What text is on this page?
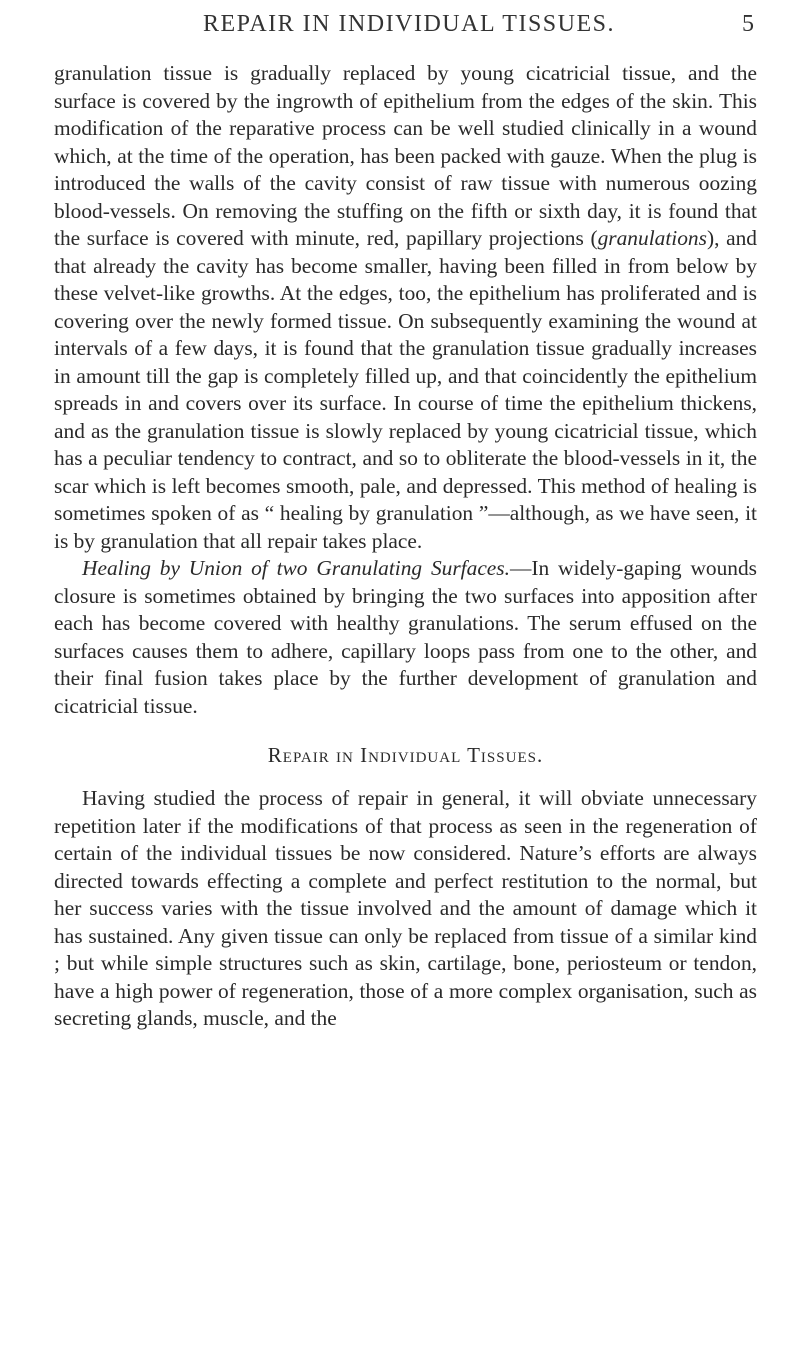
REPAIR IN INDIVIDUAL TISSUES.	5

granulation tissue is gradually replaced by young cicatricial tissue, and the surface is covered by the ingrowth of epithelium from the edges of the skin. This modification of the reparative process can be well studied clinically in a wound which, at the time of the operation, has been packed with gauze. When the plug is introduced the walls of the cavity consist of raw tissue with numerous oozing blood-vessels. On removing the stuffing on the fifth or sixth day, it is found that the surface is covered with minute, red, papillary projections (granulations), and that already the cavity has become smaller, having been filled in from below by these velvet-like growths. At the edges, too, the epithelium has proliferated and is covering over the newly formed tissue. On subsequently examining the wound at intervals of a few days, it is found that the granulation tissue gradually increases in amount till the gap is completely filled up, and that coincidently the epithelium spreads in and covers over its surface. In course of time the epithelium thickens, and as the granulation tissue is slowly replaced by young cicatricial tissue, which has a peculiar tendency to contract, and so to obliterate the blood-vessels in it, the scar which is left becomes smooth, pale, and depressed. This method of healing is sometimes spoken of as “ healing by granulation ”—although, as we have seen, it is by granulation that all repair takes place.

Healing by Union of two Granulating Surfaces.—In widely-gaping wounds closure is sometimes obtained by bringing the two surfaces into apposition after each has become covered with healthy granulations. The serum effused on the surfaces causes them to adhere, capillary loops pass from one to the other, and their final fusion takes place by the further development of granulation and cicatricial tissue.

Repair in Individual Tissues.

Having studied the process of repair in general, it will obviate unnecessary repetition later if the modifications of that process as seen in the regeneration of certain of the individual tissues be now considered. Nature’s efforts are always directed towards effecting a complete and perfect restitution to the normal, but her success varies with the tissue involved and the amount of damage which it has sustained. Any given tissue can only be replaced from tissue of a similar kind ; but while simple structures such as skin, cartilage, bone, periosteum or tendon, have a high power of regeneration, those of a more complex organisation, such as secreting glands, muscle, and the
